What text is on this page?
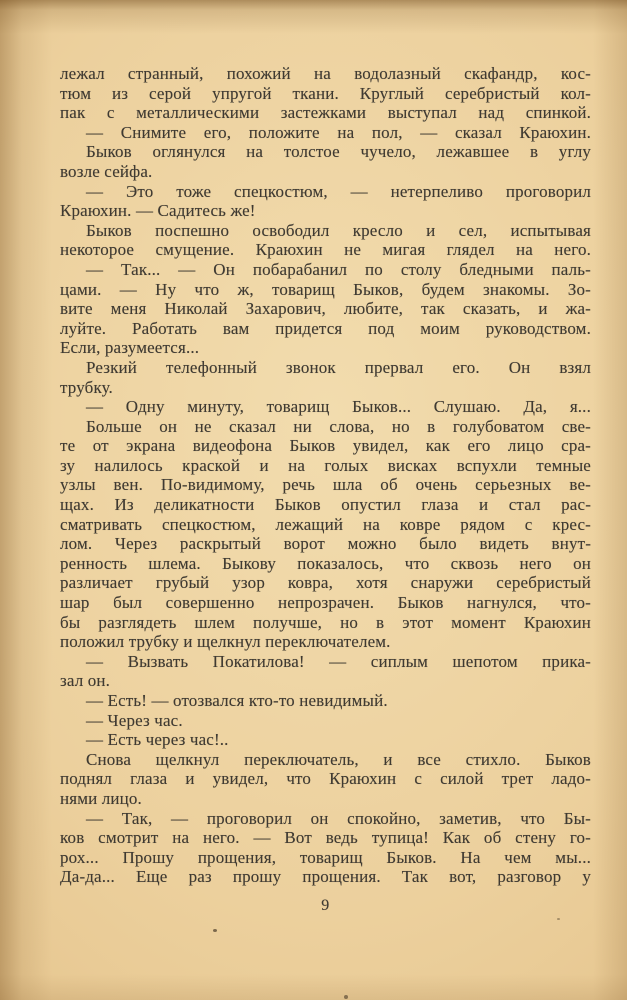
лежал странный, похожий на водолазный скафандр, кос-
тюм из серой упругой ткани. Круглый серебристый кол-
пак с металлическими застежками выступал над спинкой.
— Снимите его, положите на пол, — сказал Краюхин.
Быков оглянулся на толстое чучело, лежавшее в углу
возле сейфа.
— Это тоже спецкостюм, — нетерпеливо проговорил
Краюхин. — Садитесь же!
Быков поспешно освободил кресло и сел, испытывая
некоторое смущение. Краюхин не мигая глядел на него.
— Так... — Он побарабанил по столу бледными паль-
цами. — Ну что ж, товарищ Быков, будем знакомы. Зо-
вите меня Николай Захарович, любите, так сказать, и жа-
луйте. Работать вам придется под моим руководством.
Если, разумеется...
Резкий телефонный звонок прервал его. Он взял
трубку.
— Одну минуту, товарищ Быков... Слушаю. Да, я...
Больше он не сказал ни слова, но в голубоватом све-
те от экрана видеофона Быков увидел, как его лицо сра-
зу налилось краской и на голых висках вспухли темные
узлы вен. По-видимому, речь шла об очень серьезных ве-
щах. Из деликатности Быков опустил глаза и стал рас-
сматривать спецкостюм, лежащий на ковре рядом с крес-
лом. Через раскрытый ворот можно было видеть внут-
ренность шлема. Быкову показалось, что сквозь него он
различает грубый узор ковра, хотя снаружи серебристый
шар был совершенно непрозрачен. Быков нагнулся, что-
бы разглядеть шлем получше, но в этот момент Краюхин
положил трубку и щелкнул переключателем.
— Вызвать Покатилова! — сиплым шепотом прика-
зал он.
— Есть! — отозвался кто-то невидимый.
— Через час.
— Есть через час!..
Снова щелкнул переключатель, и все стихло. Быков
поднял глаза и увидел, что Краюхин с силой трет ладо-
нями лицо.
— Так, — проговорил он спокойно, заметив, что Бы-
ков смотрит на него. — Вот ведь тупица! Как об стену го-
рох... Прошу прощения, товарищ Быков. На чем мы...
Да-да... Еще раз прошу прощения. Так вот, разговор у
9
